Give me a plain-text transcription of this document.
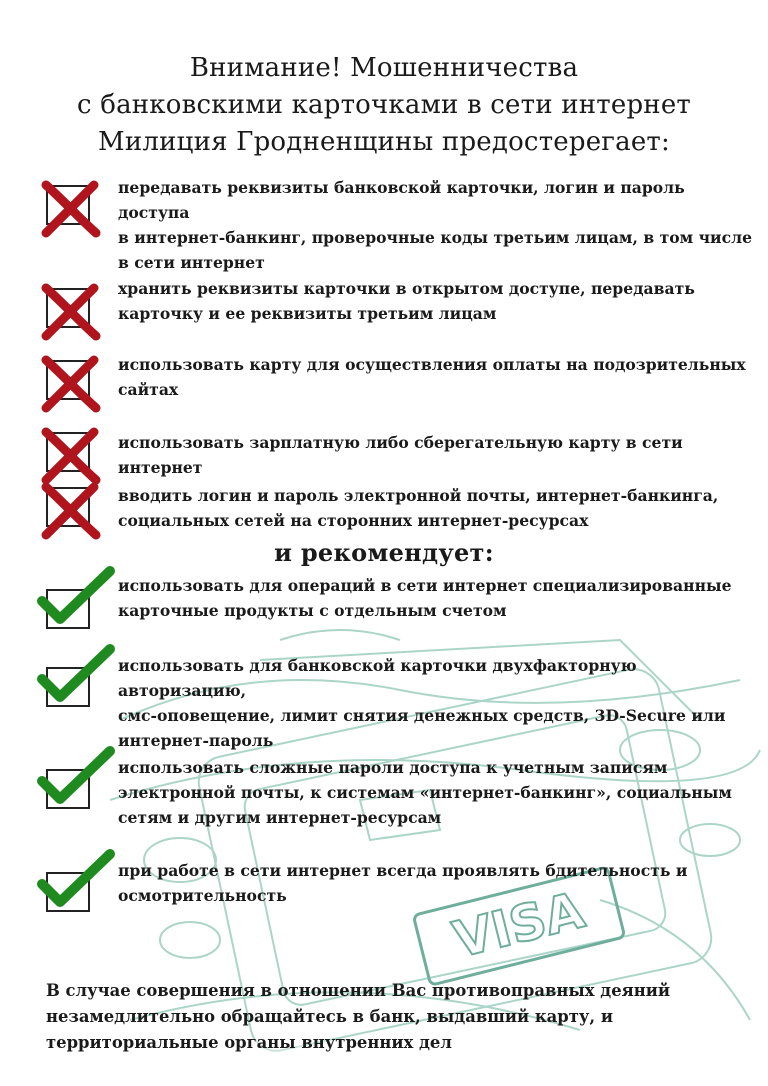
VISA
Внимание! Мошенничества
с банковскими карточками в сети интернет
Милиция Гродненщины предостерегает:
передавать реквизиты банковской карточки, логин и пароль доступа
в интернет-банкинг, проверочные коды третьим лицам, в том числе
в сети интернет
хранить реквизиты карточки в открытом доступе, передавать
карточку и ее реквизиты третьим лицам
использовать карту для осуществления оплаты на подозрительных
сайтах
использовать зарплатную либо сберегательную карту в сети интернет
вводить логин и пароль электронной почты, интернет-банкинга,
социальных сетей на сторонних интернет-ресурсах
и рекомендует:
использовать для операций в сети интернет специализированные
карточные продукты с отдельным счетом
использовать для банковской карточки двухфакторную авторизацию,
смс-оповещение, лимит снятия денежных средств, 3D-Secure или
интернет-пароль
использовать сложные пароли доступа к учетным записям
электронной почты, к системам «интернет-банкинг», социальным
сетям и другим интернет-ресурсам
при работе в сети интернет всегда проявлять бдительность и
осмотрительность
В случае совершения в отношении Вас противоправных деяний
незамедлительно обращайтесь в банк, выдавший карту, и
территориальные органы внутренних дел
